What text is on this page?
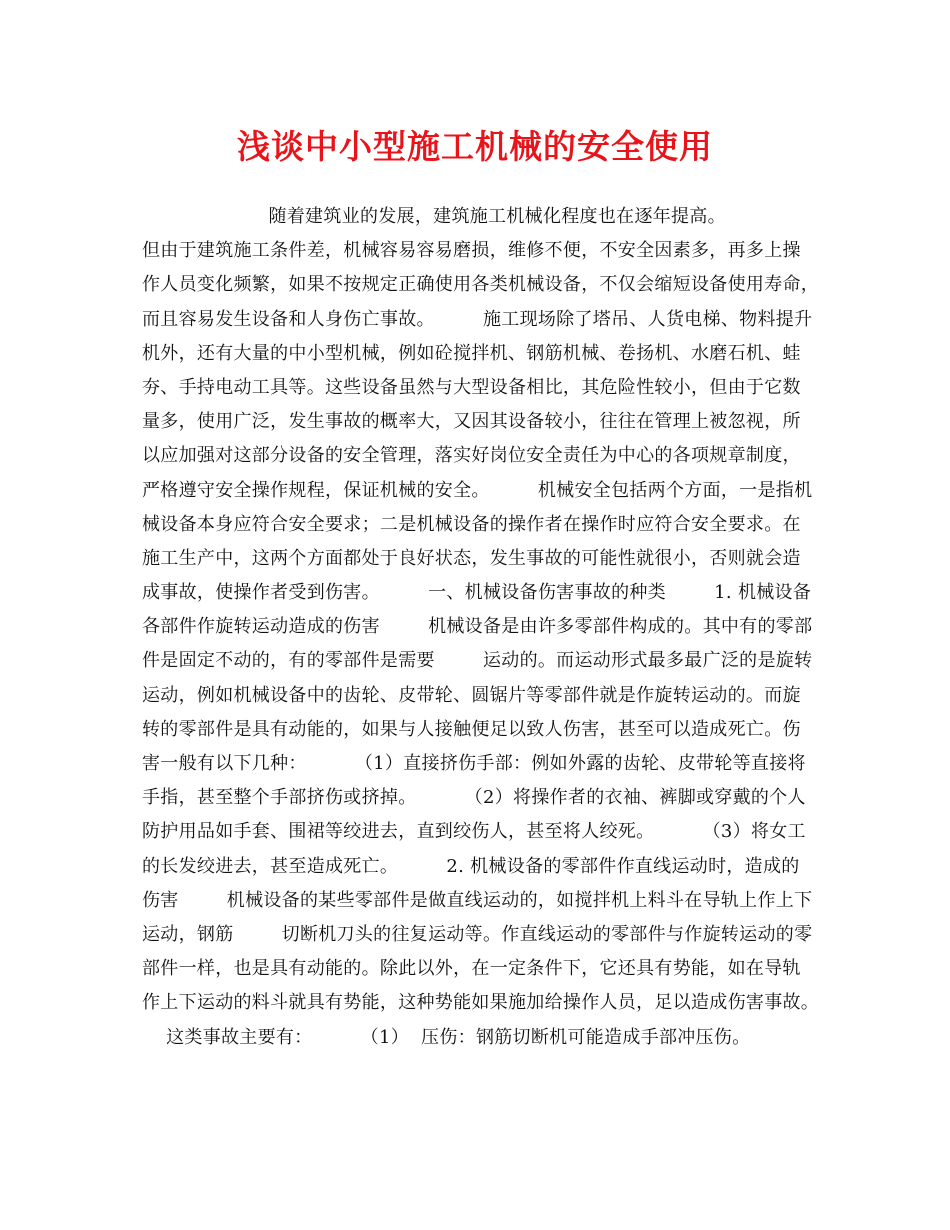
浅谈中小型施工机械的安全使用
随着建筑业的发展，建筑施工机械化程度也在逐年提高。
但由于建筑施工条件差，机械容易容易磨损，维修不便，不安全因素多，再多上操
作人员变化频繁，如果不按规定正确使用各类机械设备，不仅会缩短设备使用寿命，
而且容易发生设备和人身伤亡事故。        施工现场除了塔吊、人货电梯、物料提升
机外，还有大量的中小型机械，例如砼搅拌机、钢筋机械、卷扬机、水磨石机、蛙
夯、手持电动工具等。这些设备虽然与大型设备相比，其危险性较小，但由于它数
量多，使用广泛，发生事故的概率大，又因其设备较小，往往在管理上被忽视，所
以应加强对这部分设备的安全管理，落实好岗位安全责任为中心的各项规章制度，
严格遵守安全操作规程，保证机械的安全。        机械安全包括两个方面，一是指机
械设备本身应符合安全要求；二是机械设备的操作者在操作时应符合安全要求。在
施工生产中，这两个方面都处于良好状态，发生事故的可能性就很小，否则就会造
成事故，使操作者受到伤害。        一、机械设备伤害事故的种类        1. 机械设备
各部件作旋转运动造成的伤害        机械设备是由许多零部件构成的。其中有的零部
件是固定不动的，有的零部件是需要        运动的。而运动形式最多最广泛的是旋转
运动，例如机械设备中的齿轮、皮带轮、圆锯片等零部件就是作旋转运动的。而旋
转的零部件是具有动能的，如果与人接触便足以致人伤害，甚至可以造成死亡。伤
害一般有以下几种：        （1）直接挤伤手部：例如外露的齿轮、皮带轮等直接将
手指，甚至整个手部挤伤或挤掉。        （2）将操作者的衣袖、裤脚或穿戴的个人
防护用品如手套、围裙等绞进去，直到绞伤人，甚至将人绞死。        （3）将女工
的长发绞进去，甚至造成死亡。        2. 机械设备的零部件作直线运动时，造成的
伤害        机械设备的某些零部件是做直线运动的，如搅拌机上料斗在导轨上作上下
运动，钢筋        切断机刀头的往复运动等。作直线运动的零部件与作旋转运动的零
部件一样，也是具有动能的。除此以外，在一定条件下，它还具有势能，如在导轨
作上下运动的料斗就具有势能，这种势能如果施加给操作人员，足以造成伤害事故。
这类事故主要有：        （1）  压伤：钢筋切断机可能造成手部冲压伤。
